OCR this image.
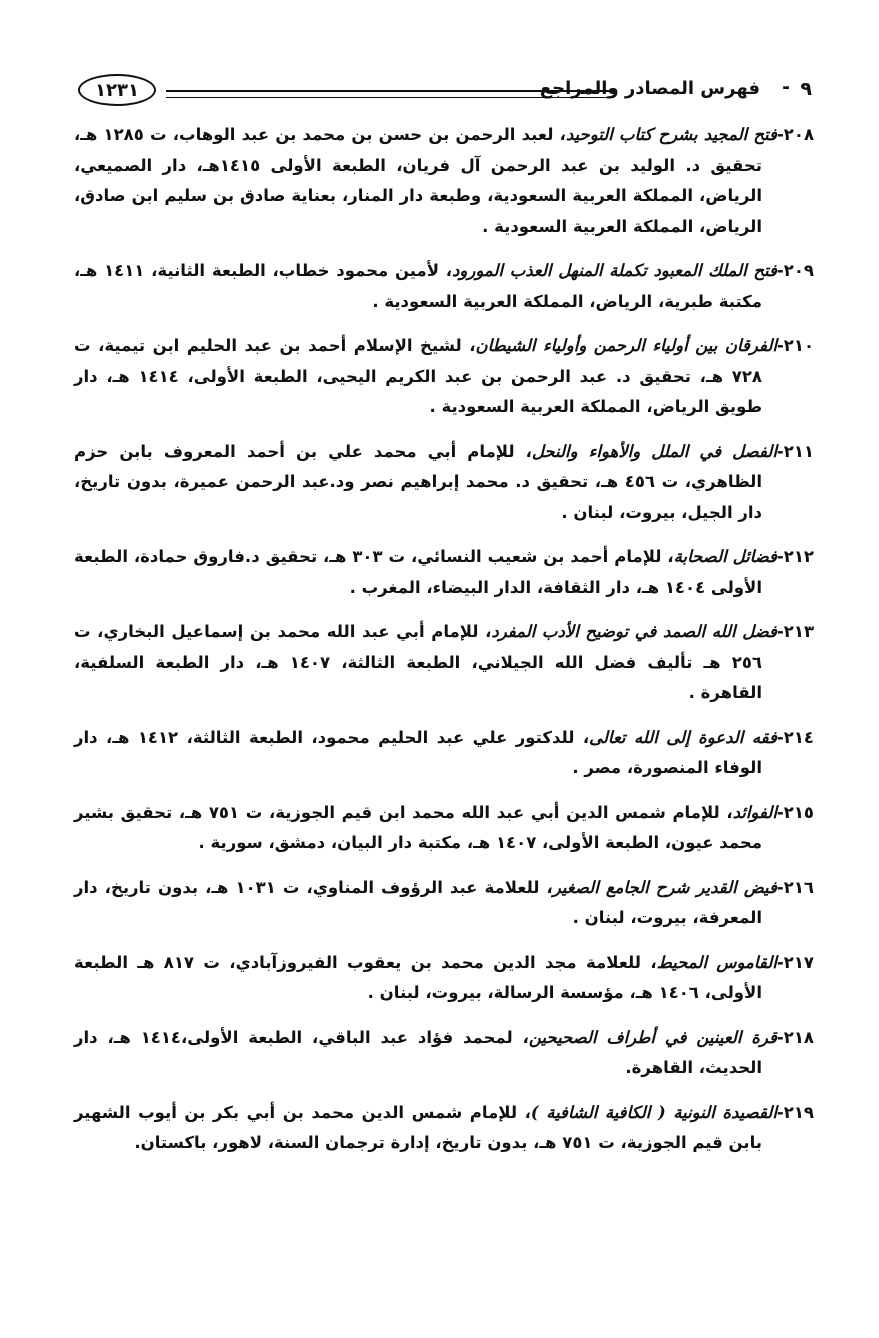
٩
-
فهرس المصادر والمراجع
١٢٣١
٢٠٨-فتح المجيد بشرح كتاب التوحيد، لعبد الرحمن بن حسن بن محمد بن عبد الوهاب، ت ١٢٨٥ هـ، تحقيق د. الوليد بن عبد الرحمن آل فريان، الطبعة الأولى ١٤١٥هـ، دار الصميعي، الرياض، المملكة العربية السعودية، وطبعة دار المنار، بعناية صادق بن سليم ابن صادق، الرياض، المملكة العربية السعودية .
٢٠٩-فتح الملك المعبود تكملة المنهل العذب المورود، لأمين محمود خطاب، الطبعة الثانية، ١٤١١ هـ، مكتبة طبرية، الرياض، المملكة العربية السعودية .
٢١٠-الفرقان بين أولياء الرحمن وأولياء الشيطان، لشيخ الإسلام أحمد بن عبد الحليم ابن تيمية، ت ٧٢٨ هـ، تحقيق د. عبد الرحمن بن عبد الكريم اليحيى، الطبعة الأولى، ١٤١٤ هـ، دار طويق الرياض، المملكة العربية السعودية .
٢١١-الفصل في الملل والأهواء والنحل، للإمام أبي محمد علي بن أحمد المعروف بابن حزم الظاهري، ت ٤٥٦ هـ، تحقيق د. محمد إبراهيم نصر ود.عبد الرحمن عميرة، بدون تاريخ، دار الجيل، بيروت، لبنان .
٢١٢-فضائل الصحابة، للإمام أحمد بن شعيب النسائي، ت ٣٠٣ هـ، تحقيق د.فاروق حمادة، الطبعة الأولى ١٤٠٤ هـ، دار الثقافة، الدار البيضاء، المغرب .
٢١٣-فضل الله الصمد في توضيح الأدب المفرد، للإمام أبي عبد الله محمد بن إسماعيل البخاري، ت ٢٥٦ هـ تأليف فضل الله الجيلاني، الطبعة الثالثة، ١٤٠٧ هـ، دار الطبعة السلفية، القاهرة .
٢١٤-فقه الدعوة إلى الله تعالى، للدكتور علي عبد الحليم محمود، الطبعة الثالثة، ١٤١٢ هـ، دار الوفاء المنصورة، مصر .
٢١٥-الفوائد، للإمام شمس الدين أبي عبد الله محمد ابن قيم الجوزية، ت ٧٥١ هـ، تحقيق بشير محمد عيون، الطبعة الأولى، ١٤٠٧ هـ، مكتبة دار البيان، دمشق، سورية .
٢١٦-فيض القدير شرح الجامع الصغير، للعلامة عبد الرؤوف المناوي، ت ١٠٣١ هـ، بدون تاريخ، دار المعرفة، بيروت، لبنان .
٢١٧-القاموس المحيط، للعلامة مجد الدين محمد بن يعقوب الفيروزآبادي، ت ٨١٧ هـ الطبعة الأولى، ١٤٠٦ هـ، مؤسسة الرسالة، بيروت، لبنان .
٢١٨-قرة العينين في أطراف الصحيحين، لمحمد فؤاد عبد الباقي، الطبعة الأولى،١٤١٤ هـ، دار الحديث، القاهرة.
٢١٩-القصيدة النونية ( الكافية الشافية )، للإمام شمس الدين محمد بن أبي بكر بن أيوب الشهير بابن قيم الجوزية، ت ٧٥١ هـ، بدون تاريخ، إدارة ترجمان السنة، لاهور، باكستان.
